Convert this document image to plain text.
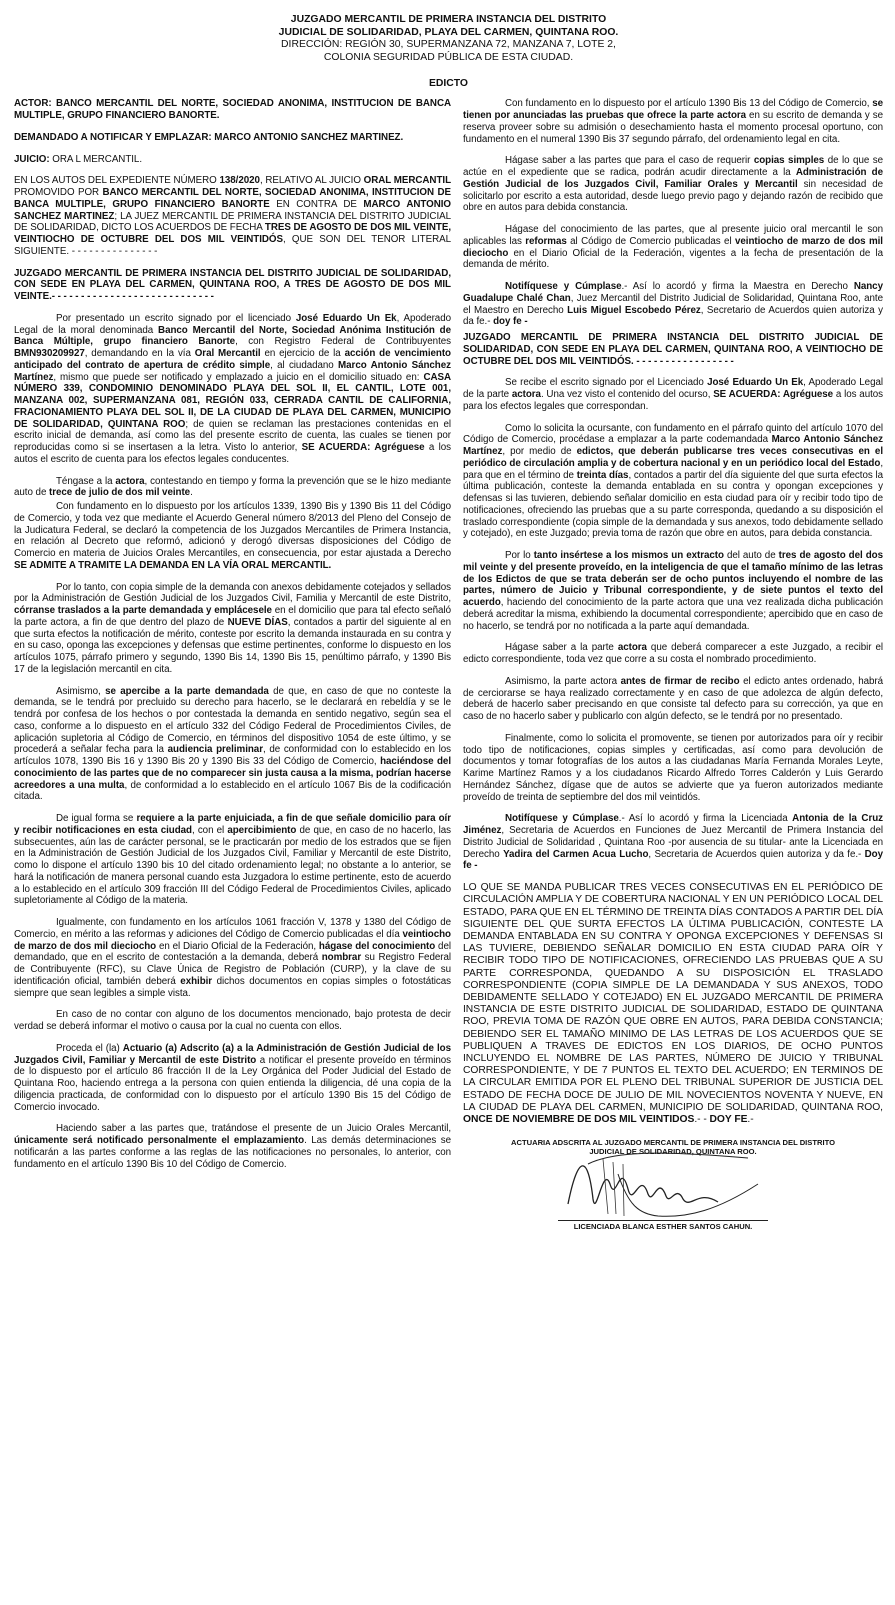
JUZGADO MERCANTIL DE PRIMERA INSTANCIA DEL DISTRITO
JUDICIAL DE SOLIDARIDAD, PLAYA DEL CARMEN, QUINTANA ROO.
DIRECCIÓN: REGIÓN 30, SUPERMANZANA 72, MANZANA 7, LOTE 2,
COLONIA SEGURIDAD PÚBLICA DE ESTA CIUDAD.
EDICTO

ACTOR: BANCO MERCANTIL DEL NORTE, SOCIEDAD ANONIMA, INSTITUCION DE BANCA MULTIPLE, GRUPO FINANCIERO BANORTE.

DEMANDADO A NOTIFICAR Y EMPLAZAR: MARCO ANTONIO SANCHEZ MARTINEZ.

JUICIO: ORA L MERCANTIL.

EN LOS AUTOS DEL EXPEDIENTE NÚMERO 138/2020, RELATIVO AL JUICIO ORAL MERCANTIL PROMOVIDO POR BANCO MERCANTIL DEL NORTE, SOCIEDAD ANONIMA, INSTITUCION DE BANCA MULTIPLE, GRUPO FINANCIERO BANORTE EN CONTRA DE MARCO ANTONIO SANCHEZ MARTINEZ; LA JUEZ MERCANTIL DE PRIMERA INSTANCIA DEL DISTRITO JUDICIAL DE SOLIDARIDAD, DICTO LOS ACUERDOS DE FECHA TRES DE AGOSTO DE DOS MIL VEINTE, VEINTIOCHO DE OCTUBRE DEL DOS MIL VEINTIDÓS, QUE SON DEL TENOR LITERAL SIGUIENTE. - - - - - - - - - - - - - - -

JUZGADO MERCANTIL DE PRIMERA INSTANCIA DEL DISTRITO JUDICIAL DE SOLIDARIDAD, CON SEDE EN PLAYA DEL CARMEN, QUINTANA ROO, A TRES DE AGOSTO DE DOS MIL VEINTE.- - - - - - - - - - - - - - - - - - - - - - - - - - - -

Por presentado un escrito signado por el licenciado José Eduardo Un Ek, Apoderado Legal de la moral denominada Banco Mercantil del Norte, Sociedad Anónima Institución de Banca Múltiple, grupo financiero Banorte, con Registro Federal de Contribuyentes BMN930209927, demandando en la vía Oral Mercantil en ejercicio de la acción de vencimiento anticipado del contrato de apertura de crédito simple, al ciudadano Marco Antonio Sánchez Martínez, mismo que puede ser notificado y emplazado a juicio en el domicilio situado en: CASA NÚMERO 339, CONDOMINIO DENOMINADO PLAYA DEL SOL II, EL CANTIL, LOTE 001, MANZANA 002, SUPERMANZANA 081, REGIÓN 033, CERRADA CANTIL DE CALIFORNIA, FRACIONAMIENTO PLAYA DEL SOL II, DE LA CIUDAD DE PLAYA DEL CARMEN, MUNICIPIO DE SOLIDARIDAD, QUINTANA ROO; de quien se reclaman las prestaciones contenidas en el escrito inicial de demanda, así como las del presente escrito de cuenta, las cuales se tienen por reproducidas como si se insertasen a la letra. Visto lo anterior, SE ACUERDA: Agréguese a los autos el escrito de cuenta para los efectos legales conducentes.

Téngase a la actora, contestando en tiempo y forma la prevención que se le hizo mediante auto de trece de julio de dos mil veinte.

Con fundamento en lo dispuesto por los artículos 1339, 1390 Bis y 1390 Bis 11 del Código de Comercio, y toda vez que mediante el Acuerdo General número 8/2013 del Pleno del Consejo de la Judicatura Federal, se declaró la competencia de los Juzgados Mercantiles de Primera Instancia, en relación al Decreto que reformó, adicionó y derogó diversas disposiciones del Código de Comercio en materia de Juicios Orales Mercantiles, en consecuencia, por estar ajustada a Derecho SE ADMITE A TRAMITE LA DEMANDA EN LA VÍA ORAL MERCANTIL.

Por lo tanto, con copia simple de la demanda con anexos debidamente cotejados y sellados por la Administración de Gestión Judicial de los Juzgados Civil, Familia y Mercantil de este Distrito, córranse traslados a la parte demandada y emplácesele en el domicilio que para tal efecto señaló la parte actora, a fin de que dentro del plazo de NUEVE DÍAS, contados a partir del siguiente al en que surta efectos la notificación de mérito, conteste por escrito la demanda instaurada en su contra y en su caso, oponga las excepciones y defensas que estime pertinentes, conforme lo dispuesto en los artículos 1075, párrafo primero y segundo, 1390 Bis 14, 1390 Bis 15, penúltimo párrafo, y 1390 Bis 17 de la legislación mercantil en cita.

Asimismo, se apercibe a la parte demandada de que, en caso de que no conteste la demanda, se le tendrá por precluido su derecho para hacerlo, se le declarará en rebeldía y se le tendrá por confesa de los hechos o por contestada la demanda en sentido negativo, según sea el caso, conforme a lo dispuesto en el artículo 332 del Código Federal de Procedimientos Civiles, de aplicación supletoria al Código de Comercio, en términos del dispositivo 1054 de este último, y se procederá a señalar fecha para la audiencia preliminar, de conformidad con lo establecido en los artículos 1078, 1390 Bis 16 y 1390 Bis 20 y 1390 Bis 33 del Código de Comercio, haciéndose del conocimiento de las partes que de no comparecer sin justa causa a la misma, podrían hacerse acreedores a una multa, de conformidad a lo establecido en el artículo 1067 Bis de la codificación citada.

De igual forma se requiere a la parte enjuiciada, a fin de que señale domicilio para oír y recibir notificaciones en esta ciudad, con el apercibimiento de que, en caso de no hacerlo, las subsecuentes, aún las de carácter personal, se le practicarán por medio de los estrados que se fijen en la Administración de Gestión Judicial de los Juzgados Civil, Familiar y Mercantil de este Distrito, como lo dispone el artículo 1390 bis 10 del citado ordenamiento legal; no obstante a lo anterior, se hará la notificación de manera personal cuando esta Juzgadora lo estime pertinente, esto de acuerdo a lo establecido en el artículo 309 fracción III del Código Federal de Procedimientos Civiles, aplicado supletoriamente al Código de la materia.

Igualmente, con fundamento en los artículos 1061 fracción V, 1378 y 1380 del Código de Comercio, en mérito a las reformas y adiciones del Código de Comercio publicadas el día veintiocho de marzo de dos mil dieciocho en el Diario Oficial de la Federación, hágase del conocimiento del demandado, que en el escrito de contestación a la demanda, deberá nombrar su Registro Federal de Contribuyente (RFC), su Clave Única de Registro de Población (CURP), y la clave de su identificación oficial, también deberá exhibir dichos documentos en copias simples o fotostáticas siempre que sean legibles a simple vista.

En caso de no contar con alguno de los documentos mencionado, bajo protesta de decir verdad se deberá informar el motivo o causa por la cual no cuenta con ellos.

Proceda el (la) Actuario (a) Adscrito (a) a la Administración de Gestión Judicial de los Juzgados Civil, Familiar y Mercantil de este Distrito a notificar el presente proveído en términos de lo dispuesto por el artículo 86 fracción II de la Ley Orgánica del Poder Judicial del Estado de Quintana Roo, haciendo entrega a la persona con quien entienda la diligencia, dé una copia de la diligencia practicada, de conformidad con lo dispuesto por el artículo 1390 Bis 15 del Código de Comercio invocado.

Haciendo saber a las partes que, tratándose el presente de un Juicio Orales Mercantil, únicamente será notificado personalmente el emplazamiento. Las demás determinaciones se notificarán a las partes conforme a las reglas de las notificaciones no personales, lo anterior, con fundamento en el artículo 1390 Bis 10 del Código de Comercio.

Con fundamento en lo dispuesto por el artículo 1390 Bis 13 del Código de Comercio, se tienen por anunciadas las pruebas que ofrece la parte actora en su escrito de demanda y se reserva proveer sobre su admisión o desechamiento hasta el momento procesal oportuno, con fundamento en el numeral 1390 Bis 37 segundo párrafo, del ordenamiento legal en cita.

Hágase saber a las partes que para el caso de requerir copias simples de lo que se actúe en el expediente que se radica, podrán acudir directamente a la Administración de Gestión Judicial de los Juzgados Civil, Familiar Orales y Mercantil sin necesidad de solicitarlo por escrito a esta autoridad, desde luego previo pago y dejando razón de recibido que obre en autos para debida constancia.

Hágase del conocimiento de las partes, que al presente juicio oral mercantil le son aplicables las reformas al Código de Comercio publicadas el veintiocho de marzo de dos mil dieciocho en el Diario Oficial de la Federación, vigentes a la fecha de presentación de la demanda de mérito.

Notifíquese y Cúmplase.- Así lo acordó y firma la Maestra en Derecho Nancy Guadalupe Chalé Chan, Juez Mercantil del Distrito Judicial de Solidaridad, Quintana Roo, ante el Maestro en Derecho Luis Miguel Escobedo Pérez, Secretario de Acuerdos quien autoriza y da fe.- doy fe -

JUZGADO MERCANTIL DE PRIMERA INSTANCIA DEL DISTRITO JUDICIAL DE SOLIDARIDAD, CON SEDE EN PLAYA DEL CARMEN, QUINTANA ROO, A VEINTIOCHO DE OCTUBRE DEL DOS MIL VEINTIDÓS. - - - - - - - - - - - - - - - - -

Se recibe el escrito signado por el Licenciado José Eduardo Un Ek, Apoderado Legal de la parte actora. Una vez visto el contenido del ocurso, SE ACUERDA: Agréguese a los autos para los efectos legales que correspondan.

Como lo solicita la ocursante, con fundamento en el párrafo quinto del artículo 1070 del Código de Comercio, procédase a emplazar a la parte codemandada Marco Antonio Sánchez Martínez, por medio de edictos, que deberán publicarse tres veces consecutivas en el periódico de circulación amplia y de cobertura nacional y en un periódico local del Estado, para que en el término de treinta días, contados a partir del día siguiente del que surta efectos la última publicación, conteste la demanda entablada en su contra y opongan excepciones y defensas si las tuvieren, debiendo señalar domicilio en esta ciudad para oír y recibir todo tipo de notificaciones, ofreciendo las pruebas que a su parte corresponda, quedando a su disposición el traslado correspondiente (copia simple de la demandada y sus anexos, todo debidamente sellado y cotejado), en este Juzgado; previa toma de razón que obre en autos, para debida constancia.

Por lo tanto insértese a los mismos un extracto del auto de tres de agosto del dos mil veinte y del presente proveído, en la inteligencia de que el tamaño mínimo de las letras de los Edictos de que se trata deberán ser de ocho puntos incluyendo el nombre de las partes, número de Juicio y Tribunal correspondiente, y de siete puntos el texto del acuerdo, haciendo del conocimiento de la parte actora que una vez realizada dicha publicación deberá acreditar la misma, exhibiendo la documental correspondiente; apercibido que en caso de no hacerlo, se tendrá por no notificada a la parte aquí demandada.

Hágase saber a la parte actora que deberá comparecer a este Juzgado, a recibir el edicto correspondiente, toda vez que corre a su costa el nombrado procedimiento.

Asimismo, la parte actora antes de firmar de recibo el edicto antes ordenado, habrá de cerciorarse se haya realizado correctamente y en caso de que adolezca de algún defecto, deberá de hacerlo saber precisando en que consiste tal defecto para su corrección, ya que en caso de no hacerlo saber y publicarlo con algún defecto, se le tendrá por no presentado.

Finalmente, como lo solicita el promovente, se tienen por autorizados para oír y recibir todo tipo de notificaciones, copias simples y certificadas, así como para devolución de documentos y tomar fotografías de los autos a las ciudadanas María Fernanda Morales Leyte, Karime Martínez Ramos y a los ciudadanos Ricardo Alfredo Torres Calderón y Luis Gerardo Hernández Sánchez, dígase que de autos se advierte que ya fueron autorizados mediante proveído de treinta de septiembre del dos mil veintidós.

Notifíquese y Cúmplase.- Así lo acordó y firma la Licenciada Antonia de la Cruz Jiménez, Secretaria de Acuerdos en Funciones de Juez Mercantil de Primera Instancia del Distrito Judicial de Solidaridad , Quintana Roo -por ausencia de su titular- ante la Licenciada en Derecho Yadira del Carmen Acua Lucho, Secretaria de Acuerdos quien autoriza y da fe.- Doy fe -

LO QUE SE MANDA PUBLICAR TRES VECES CONSECUTIVAS EN EL PERIÓDICO DE CIRCULACIÓN AMPLIA Y DE COBERTURA NACIONAL Y EN UN PERIÓDICO LOCAL DEL ESTADO, PARA QUE EN EL TÉRMINO DE TREINTA DÍAS CONTADOS A PARTIR DEL DÍA SIGUIENTE DEL QUE SURTA EFECTOS LA ÚLTIMA PUBLICACIÓN, CONTESTE LA DEMANDA ENTABLADA EN SU CONTRA Y OPONGA EXCEPCIONES Y DEFENSAS SI LAS TUVIERE, DEBIENDO SEÑALAR DOMICILIO EN ESTA CIUDAD PARA OÍR Y RECIBIR TODO TIPO DE NOTIFICACIONES, OFRECIENDO LAS PRUEBAS QUE A SU PARTE CORRESPONDA, QUEDANDO A SU DISPOSICIÓN EL TRASLADO CORRESPONDIENTE (COPIA SIMPLE DE LA DEMANDADA Y SUS ANEXOS, TODO DEBIDAMENTE SELLADO Y COTEJADO) EN EL JUZGADO MERCANTIL DE PRIMERA INSTANCIA DE ESTE DISTRITO JUDICIAL DE SOLIDARIDAD, ESTADO DE QUINTANA ROO, PREVIA TOMA DE RAZÓN QUE OBRE EN AUTOS, PARA DEBIDA CONSTANCIA; DEBIENDO SER EL TAMAÑO MINIMO DE LAS LETRAS DE LOS ACUERDOS QUE SE PUBLIQUEN A TRAVES DE EDICTOS EN LOS DIARIOS, DE OCHO PUNTOS INCLUYENDO EL NOMBRE DE LAS PARTES, NÚMERO DE JUICIO Y TRIBUNAL CORRESPONDIENTE, Y DE 7 PUNTOS EL TEXTO DEL ACUERDO; EN TERMINOS DE LA CIRCULAR EMITIDA POR EL PLENO DEL TRIBUNAL SUPERIOR DE JUSTICIA DEL ESTADO DE FECHA DOCE DE JULIO DE MIL NOVECIENTOS NOVENTA Y NUEVE, EN LA CIUDAD DE PLAYA DEL CARMEN, MUNICIPIO DE SOLIDARIDAD, QUINTANA ROO, ONCE DE NOVIEMBRE DE DOS MIL VEINTIDOS.- - DOY FE.-

ACTUARIA ADSCRITA AL JUZGADO MERCANTIL DE PRIMERA INSTANCIA DEL DISTRITO
JUDICIAL DE SOLIDARIDAD, QUINTANA ROO.
LICENCIADA BLANCA ESTHER SANTOS CAHUN.
